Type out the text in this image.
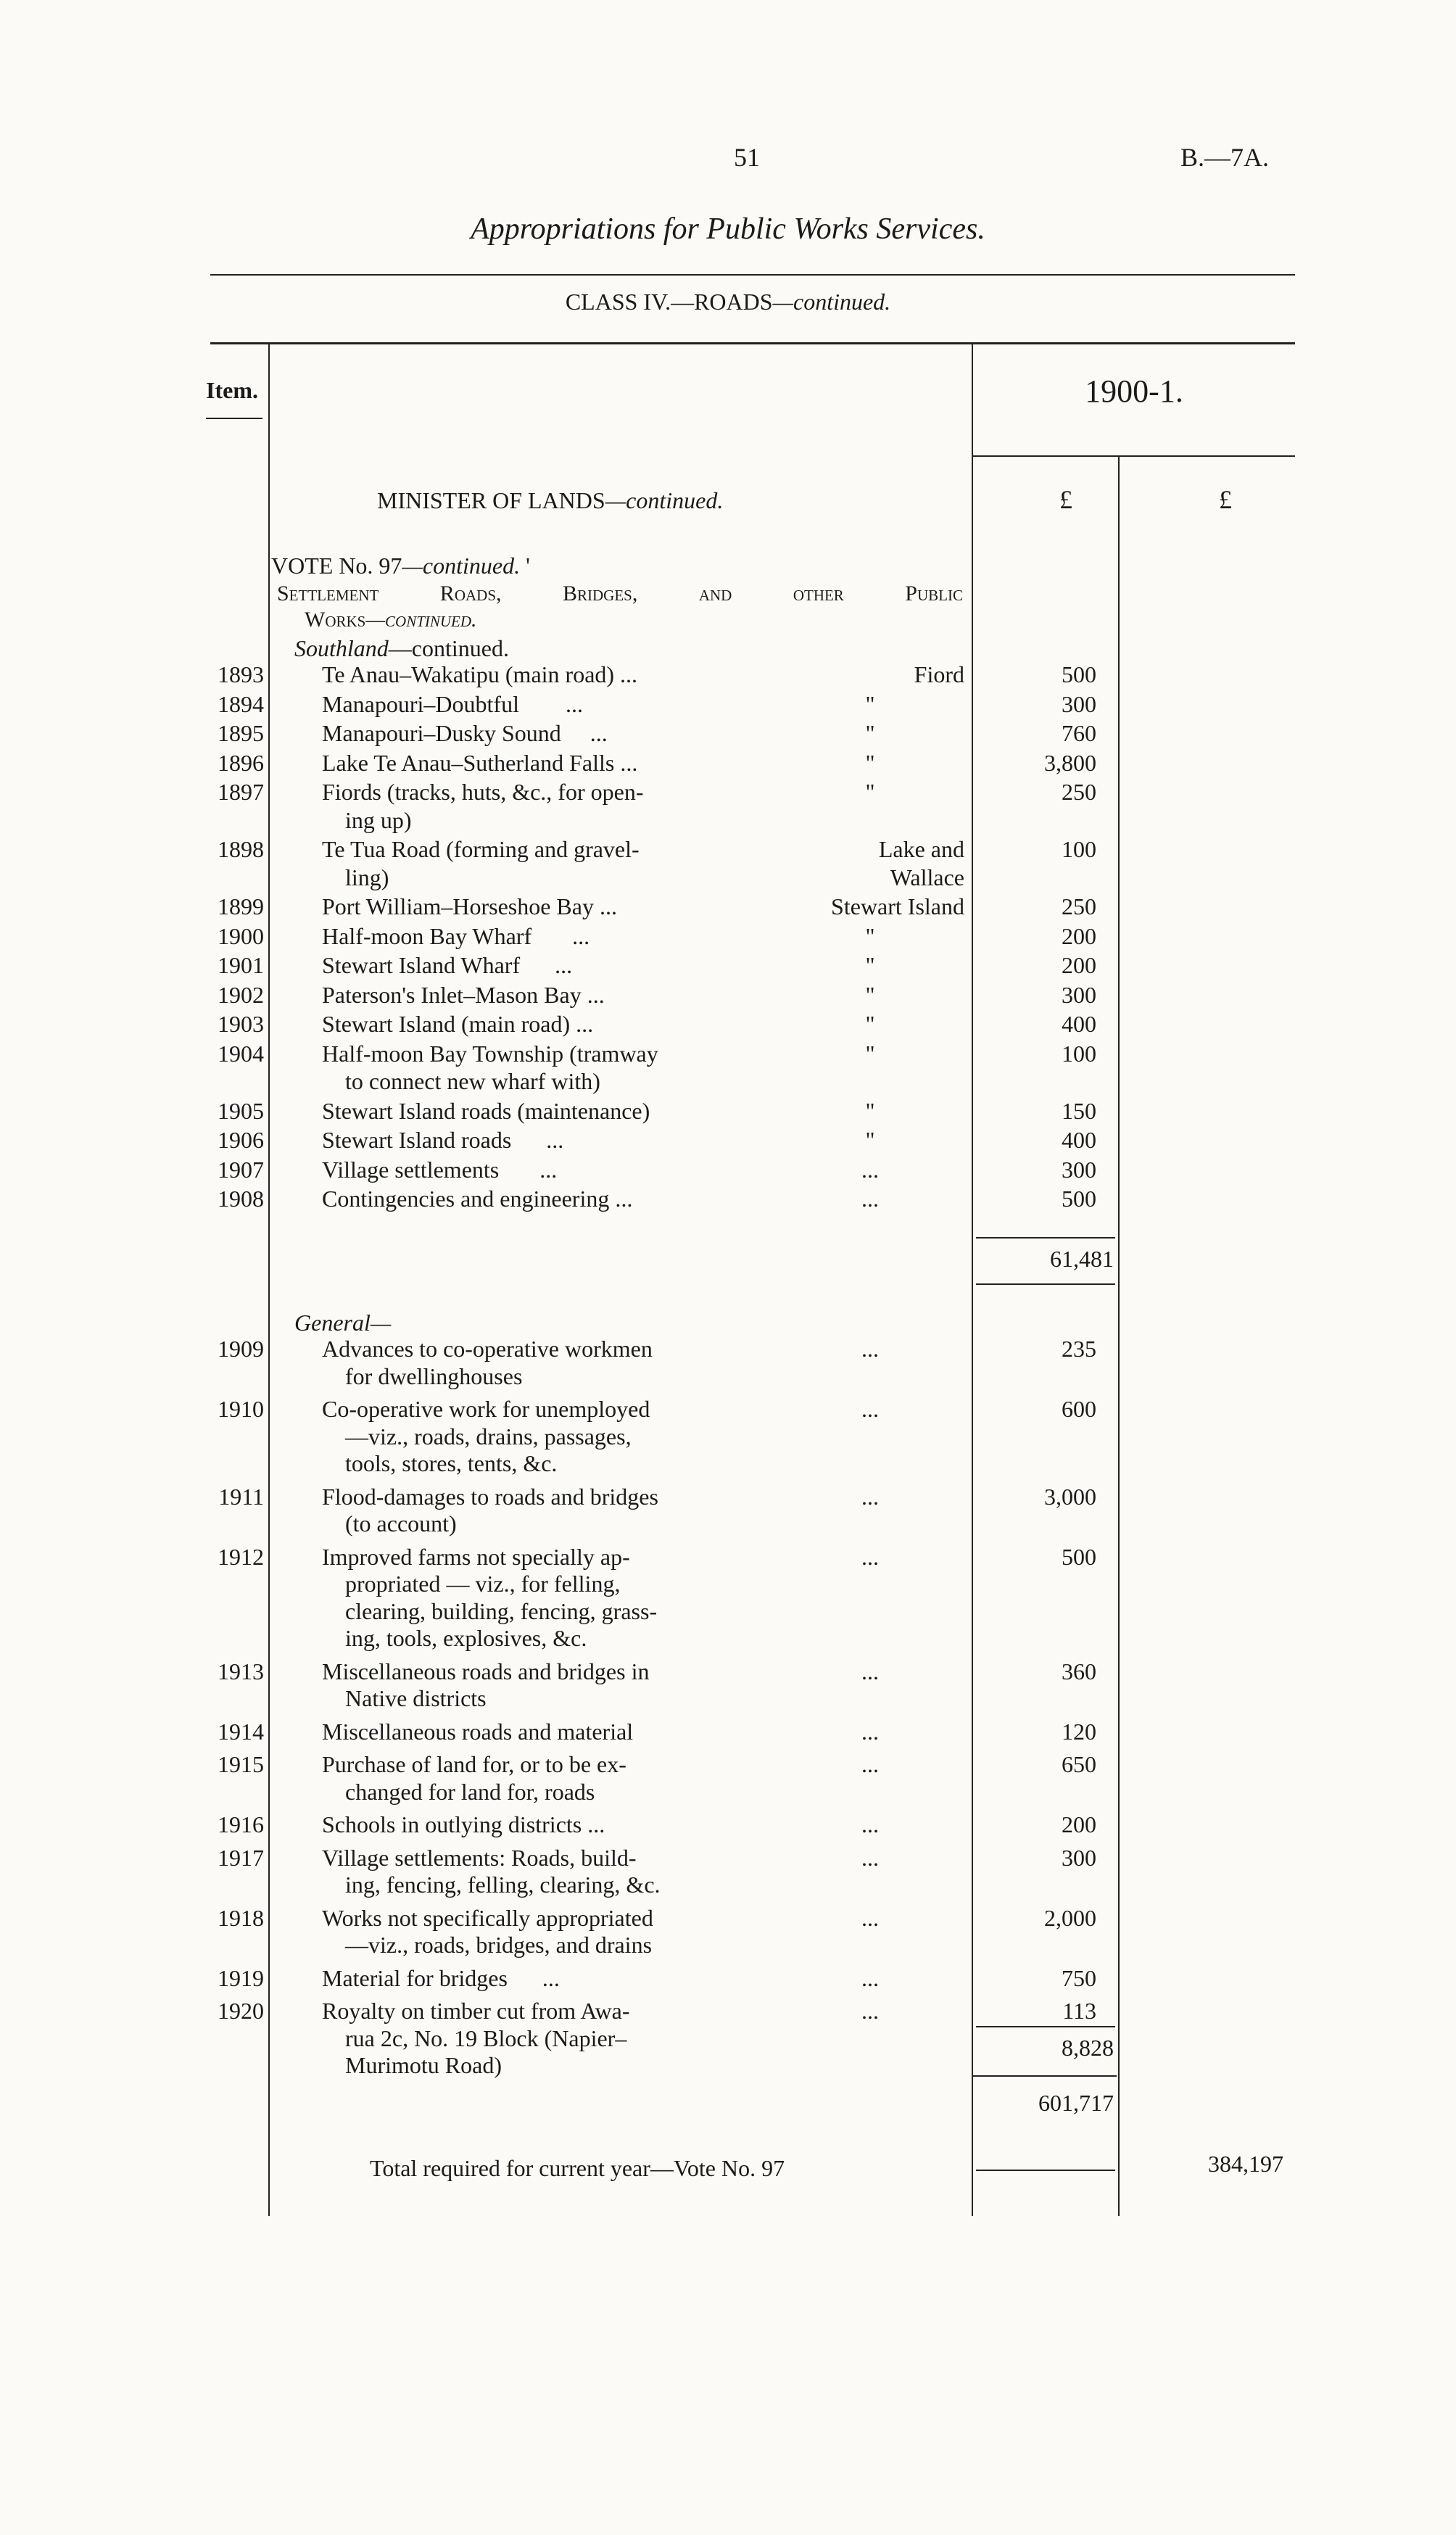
51	B.—7A.
Appropriations for Public Works Services.
CLASS IV.—ROADS—continued.
Item.	1900-1.
£	£
MINISTER OF LANDS—continued.
VOTE No. 97—continued. '
Settlement Roads, Bridges, and other Public
Works—continued.
Southland—continued.
1893	Te Anau–Wakatipu (main road) ...	Fiord	500
1894	Manapouri–Doubtful        ...	"	300
1895	Manapouri–Dusky Sound     ...	"	760
1896	Lake Te Anau–Sutherland Falls ...	"	3,800
1897	Fiords (tracks, huts, &c., for open-
ing up)
"	250
1898	Te Tua Road (forming and gravel-
ling)
Lake and
Wallace
100
1899	Port William–Horseshoe Bay ...	Stewart Island	250
1900	Half-moon Bay Wharf       ...	"	200
1901	Stewart Island Wharf      ...	"	200
1902	Paterson's Inlet–Mason Bay ...	"	300
1903	Stewart Island (main road) ...	"	400
1904	Half-moon Bay Township (tramway
to connect new wharf with)
"	100
1905	Stewart Island roads (maintenance)	"	150
1906	Stewart Island roads      ...	"	400
1907	Village settlements       ...	...	300
1908	Contingencies and engineering ...	...	500
61,481
General—
1909	Advances to co-operative workmen
for dwellinghouses
...	235
1910	Co-operative work for unemployed
—viz., roads, drains, passages,
tools, stores, tents, &c.
...	600
1911	Flood-damages to roads and bridges
(to account)
...	3,000
1912	Improved farms not specially ap-
propriated — viz., for felling,
clearing, building, fencing, grass-
ing, tools, explosives, &c.
...	500
1913	Miscellaneous roads and bridges in
Native districts
...	360
1914	Miscellaneous roads and material	...	120
1915	Purchase of land for, or to be ex-
changed for land for, roads
...	650
1916	Schools in outlying districts ...	...	200
1917	Village settlements: Roads, build-
ing, fencing, felling, clearing, &c.
...	300
1918	Works not specifically appropriated
—viz., roads, bridges, and drains
...	2,000
1919	Material for bridges      ...	...	750
1920	Royalty on timber cut from Awa-
rua 2c, No. 19 Block (Napier–
Murimotu Road)
...	113
8,828
601,717
Total required for current year—Vote No. 97	384,197
